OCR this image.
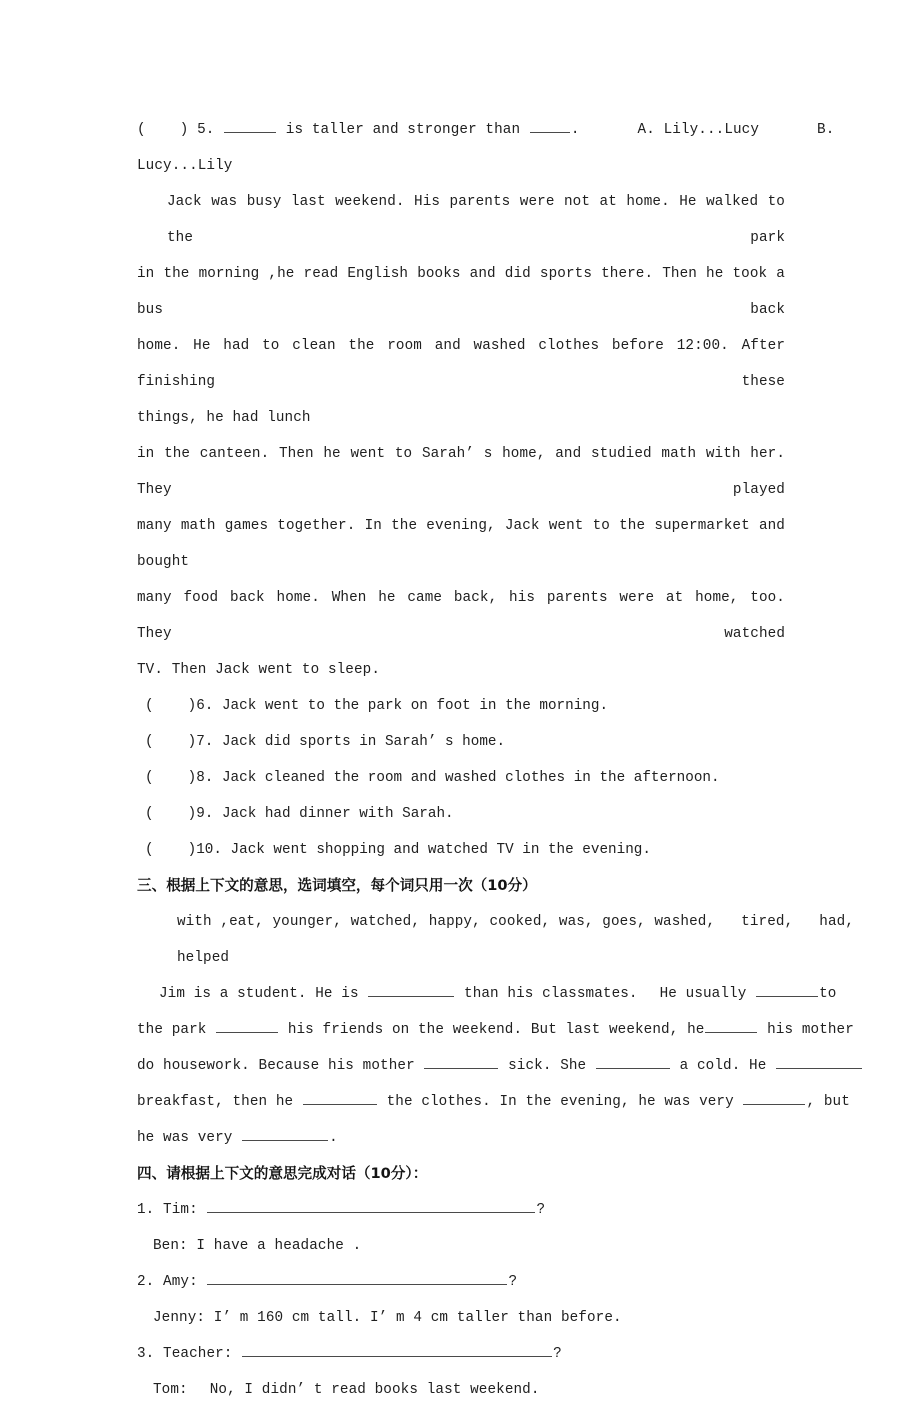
( ) 5.	is taller and stronger than	.	A. Lily...Lucy	B.
Lucy...Lily
Jack was busy last weekend. His parents were not at home. He walked to the park
in the morning ,he read English books and did sports there. Then he took a bus back
home. He had to clean the room and washed clothes before 12:00. After finishing these
things, he had lunch
in the canteen. Then he went to Sarah’ s home, and studied math with her. They played
many math games together. In the evening, Jack went to the supermarket and bought
many food back home. When he came back, his parents were at home, too. They watched
TV. Then Jack went to sleep.
( )6. Jack went to the park on foot in the morning.
( )7. Jack did sports in Sarah’ s home.
( )8. Jack cleaned the room and washed clothes in the afternoon.
( )9. Jack had dinner with Sarah.
( )10. Jack went shopping and watched TV in the evening.
三、根据上下文的意思，选词填空，每个词只用一次（10分）
with ,eat, younger, watched, happy, cooked, was, goes, washed,   tired,   had,
helped
Jim is a student. He is	than his classmates. He usually	to
the park	his friends on the weekend. But last weekend, he	his mother
do housework. Because his mother	sick. She	a cold. He
breakfast, then he	the clothes. In the evening, he was very	, but
he was very	.
四、请根据上下文的意思完成对话（10分）：
1. Tim:	?
Ben: I have a headache .
2. Amy:	?
Jenny: I’ m 160 cm tall. I’ m 4 cm taller than before.
3. Teacher:	?
Tom: No, I didn’ t read books last weekend.
